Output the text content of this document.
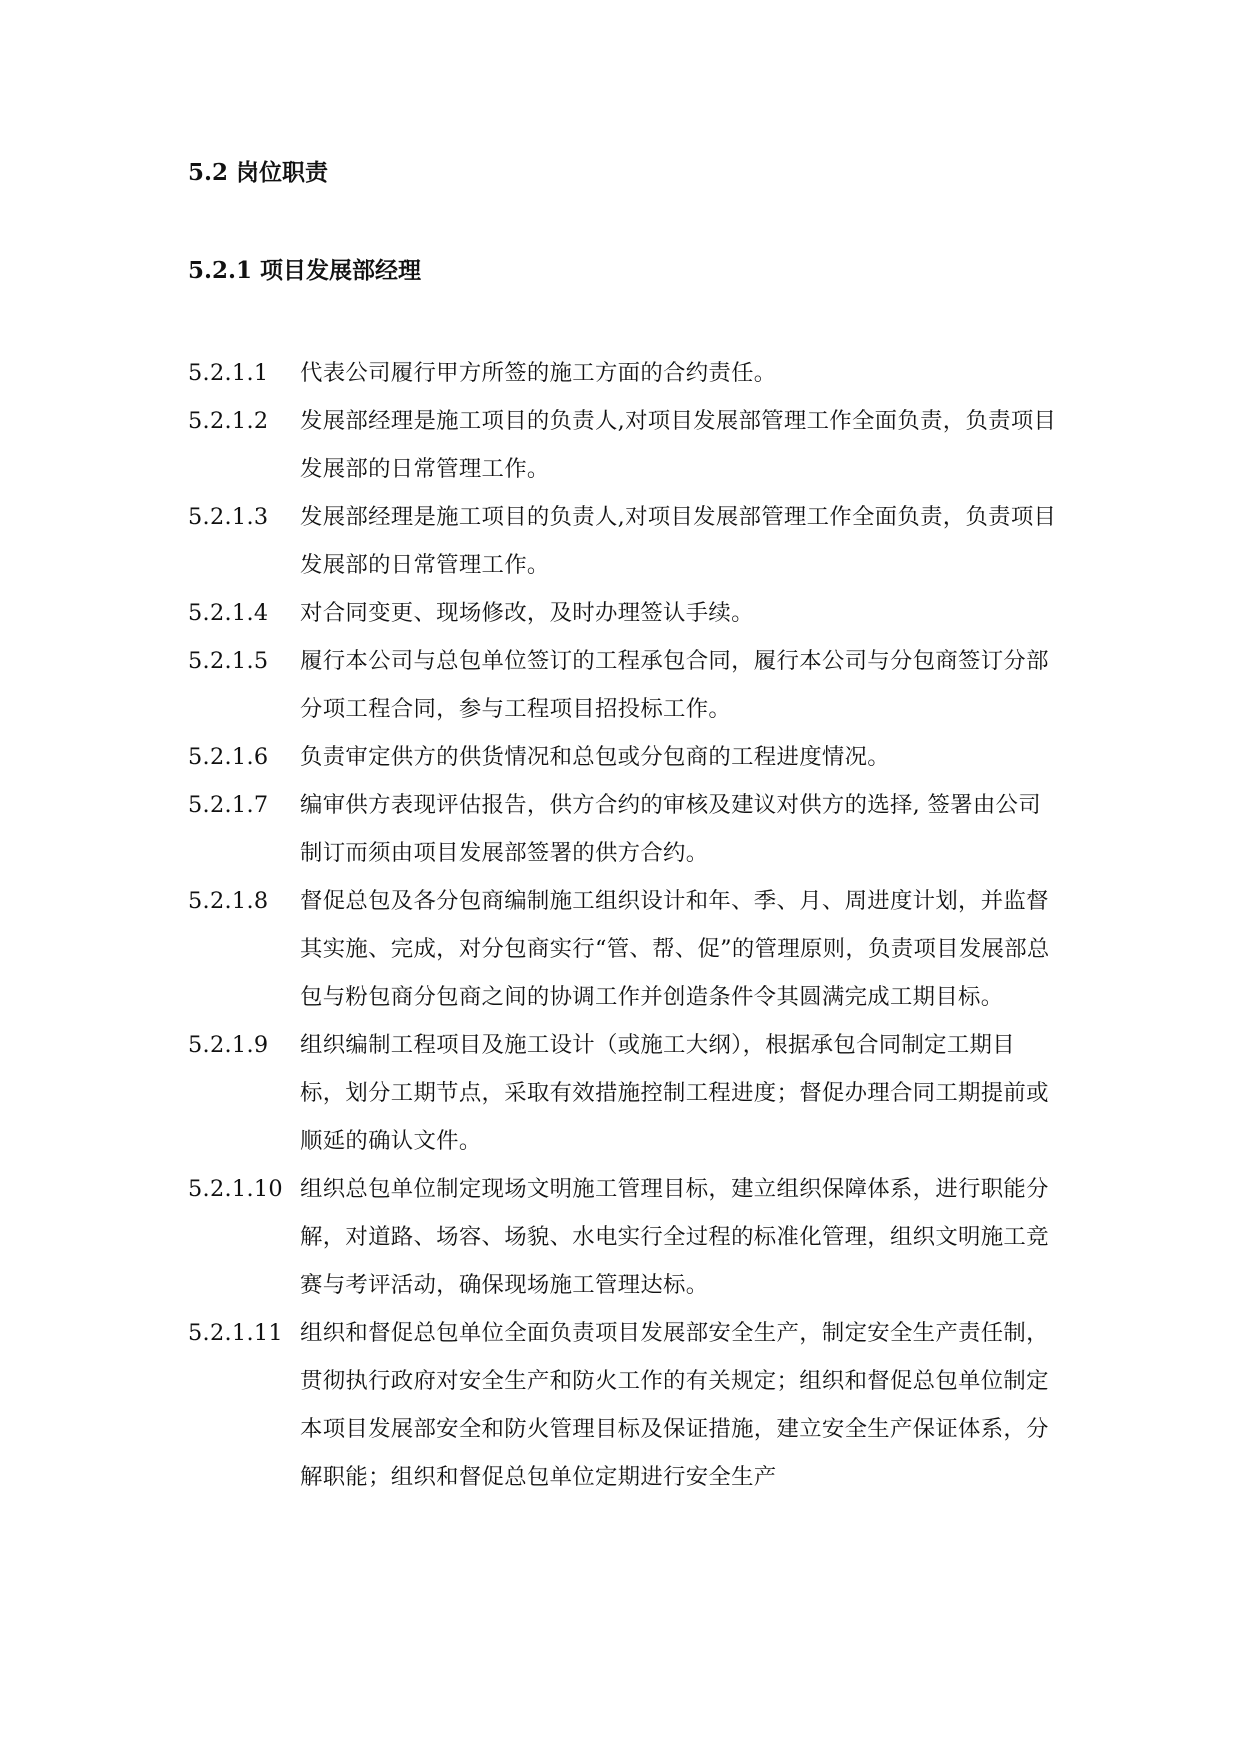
5.2 岗位职责
5.2.1 项目发展部经理
5.2.1.1	代表公司履行甲方所签的施工方面的合约责任。
5.2.1.2	发展部经理是施工项目的负责人,对项目发展部管理工作全面负责，负责项目发展部的日常管理工作。
5.2.1.3	发展部经理是施工项目的负责人,对项目发展部管理工作全面负责，负责项目发展部的日常管理工作。
5.2.1.4	对合同变更、现场修改，及时办理签认手续。
5.2.1.5	履行本公司与总包单位签订的工程承包合同，履行本公司与分包商签订分部分项工程合同，参与工程项目招投标工作。
5.2.1.6	负责审定供方的供货情况和总包或分包商的工程进度情况。
5.2.1.7	编审供方表现评估报告，供方合约的审核及建议对供方的选择, 签署由公司制订而须由项目发展部签署的供方合约。
5.2.1.8	督促总包及各分包商编制施工组织设计和年、季、月、周进度计划，并监督其实施、完成，对分包商实行“管、帮、促”的管理原则，负责项目发展部总包与粉包商分包商之间的协调工作并创造条件令其圆满完成工期目标。
5.2.1.9	组织编制工程项目及施工设计（或施工大纲），根据承包合同制定工期目标，划分工期节点，采取有效措施控制工程进度；督促办理合同工期提前或顺延的确认文件。
5.2.1.10 组织总包单位制定现场文明施工管理目标，建立组织保障体系，进行职能分解，对道路、场容、场貌、水电实行全过程的标准化管理，组织文明施工竞赛与考评活动，确保现场施工管理达标。
5.2.1.11 组织和督促总包单位全面负责项目发展部安全生产，制定安全生产责任制，贯彻执行政府对安全生产和防火工作的有关规定；组织和督促总包单位制定本项目发展部安全和防火管理目标及保证措施，建立安全生产保证体系，分解职能；组织和督促总包单位定期进行安全生产
